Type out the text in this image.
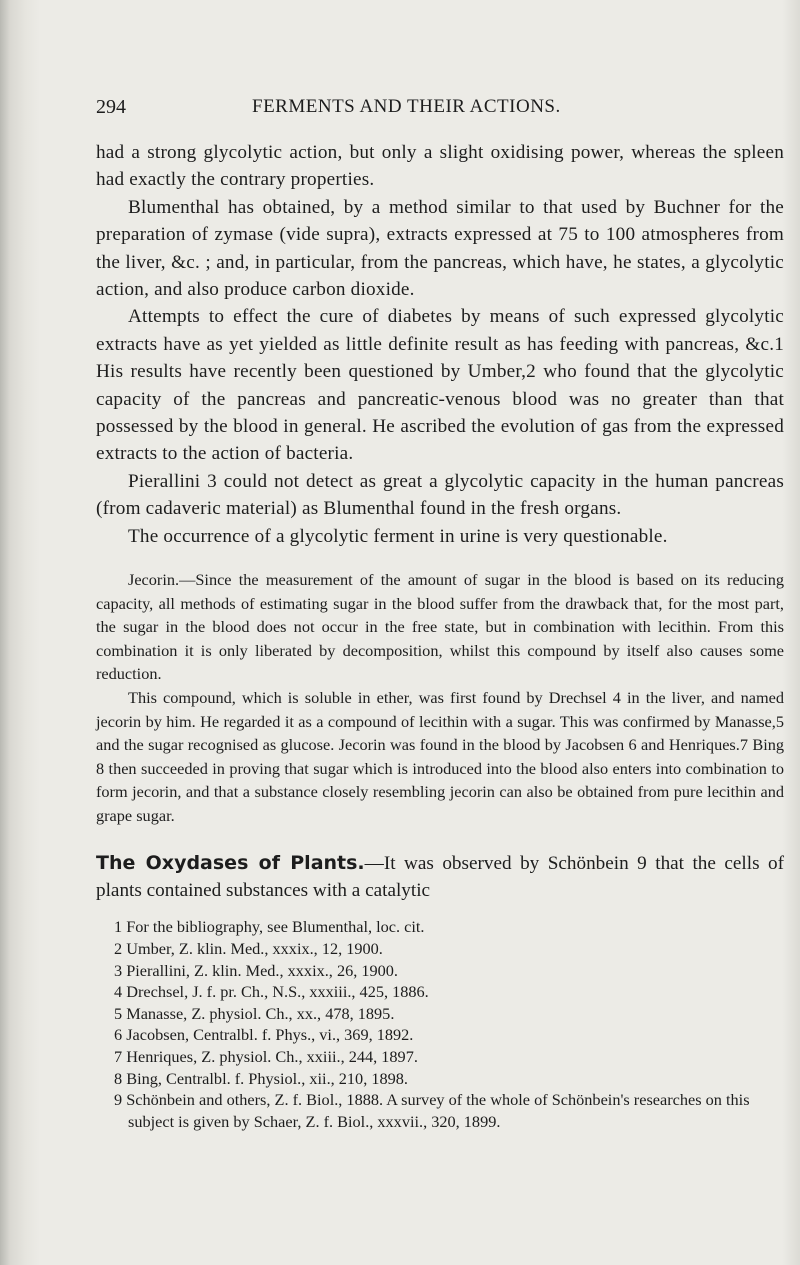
294	FERMENTS AND THEIR ACTIONS.

had a strong glycolytic action, but only a slight oxidising power, whereas the spleen had exactly the contrary properties.

Blumenthal has obtained, by a method similar to that used by Buchner for the preparation of zymase (vide supra), extracts expressed at 75 to 100 atmospheres from the liver, &c. ; and, in particular, from the pancreas, which have, he states, a glycolytic action, and also produce carbon dioxide.

Attempts to effect the cure of diabetes by means of such expressed glycolytic extracts have as yet yielded as little definite result as has feeding with pancreas, &c.1 His results have recently been questioned by Umber,2 who found that the glycolytic capacity of the pancreas and pancreatic-venous blood was no greater than that possessed by the blood in general. He ascribed the evolution of gas from the expressed extracts to the action of bacteria.

Pierallini 3 could not detect as great a glycolytic capacity in the human pancreas (from cadaveric material) as Blumenthal found in the fresh organs.

The occurrence of a glycolytic ferment in urine is very questionable.

Jecorin.—Since the measurement of the amount of sugar in the blood is based on its reducing capacity, all methods of estimating sugar in the blood suffer from the drawback that, for the most part, the sugar in the blood does not occur in the free state, but in combination with lecithin. From this combination it is only liberated by decomposition, whilst this compound by itself also causes some reduction.

This compound, which is soluble in ether, was first found by Drechsel 4 in the liver, and named jecorin by him. He regarded it as a compound of lecithin with a sugar. This was confirmed by Manasse,5 and the sugar recognised as glucose. Jecorin was found in the blood by Jacobsen 6 and Henriques.7 Bing 8 then succeeded in proving that sugar which is introduced into the blood also enters into combination to form jecorin, and that a substance closely resembling jecorin can also be obtained from pure lecithin and grape sugar.

The Oxydases of Plants.—It was observed by Schönbein 9 that the cells of plants contained substances with a catalytic

1 For the bibliography, see Blumenthal, loc. cit.

2 Umber, Z. klin. Med., xxxix., 12, 1900.

3 Pierallini, Z. klin. Med., xxxix., 26, 1900.

4 Drechsel, J. f. pr. Ch., N.S., xxxiii., 425, 1886.

5 Manasse, Z. physiol. Ch., xx., 478, 1895.

6 Jacobsen, Centralbl. f. Phys., vi., 369, 1892.

7 Henriques, Z. physiol. Ch., xxiii., 244, 1897.

8 Bing, Centralbl. f. Physiol., xii., 210, 1898.

9 Schönbein and others, Z. f. Biol., 1888. A survey of the whole of Schönbein's researches on this subject is given by Schaer, Z. f. Biol., xxxvii., 320, 1899.
